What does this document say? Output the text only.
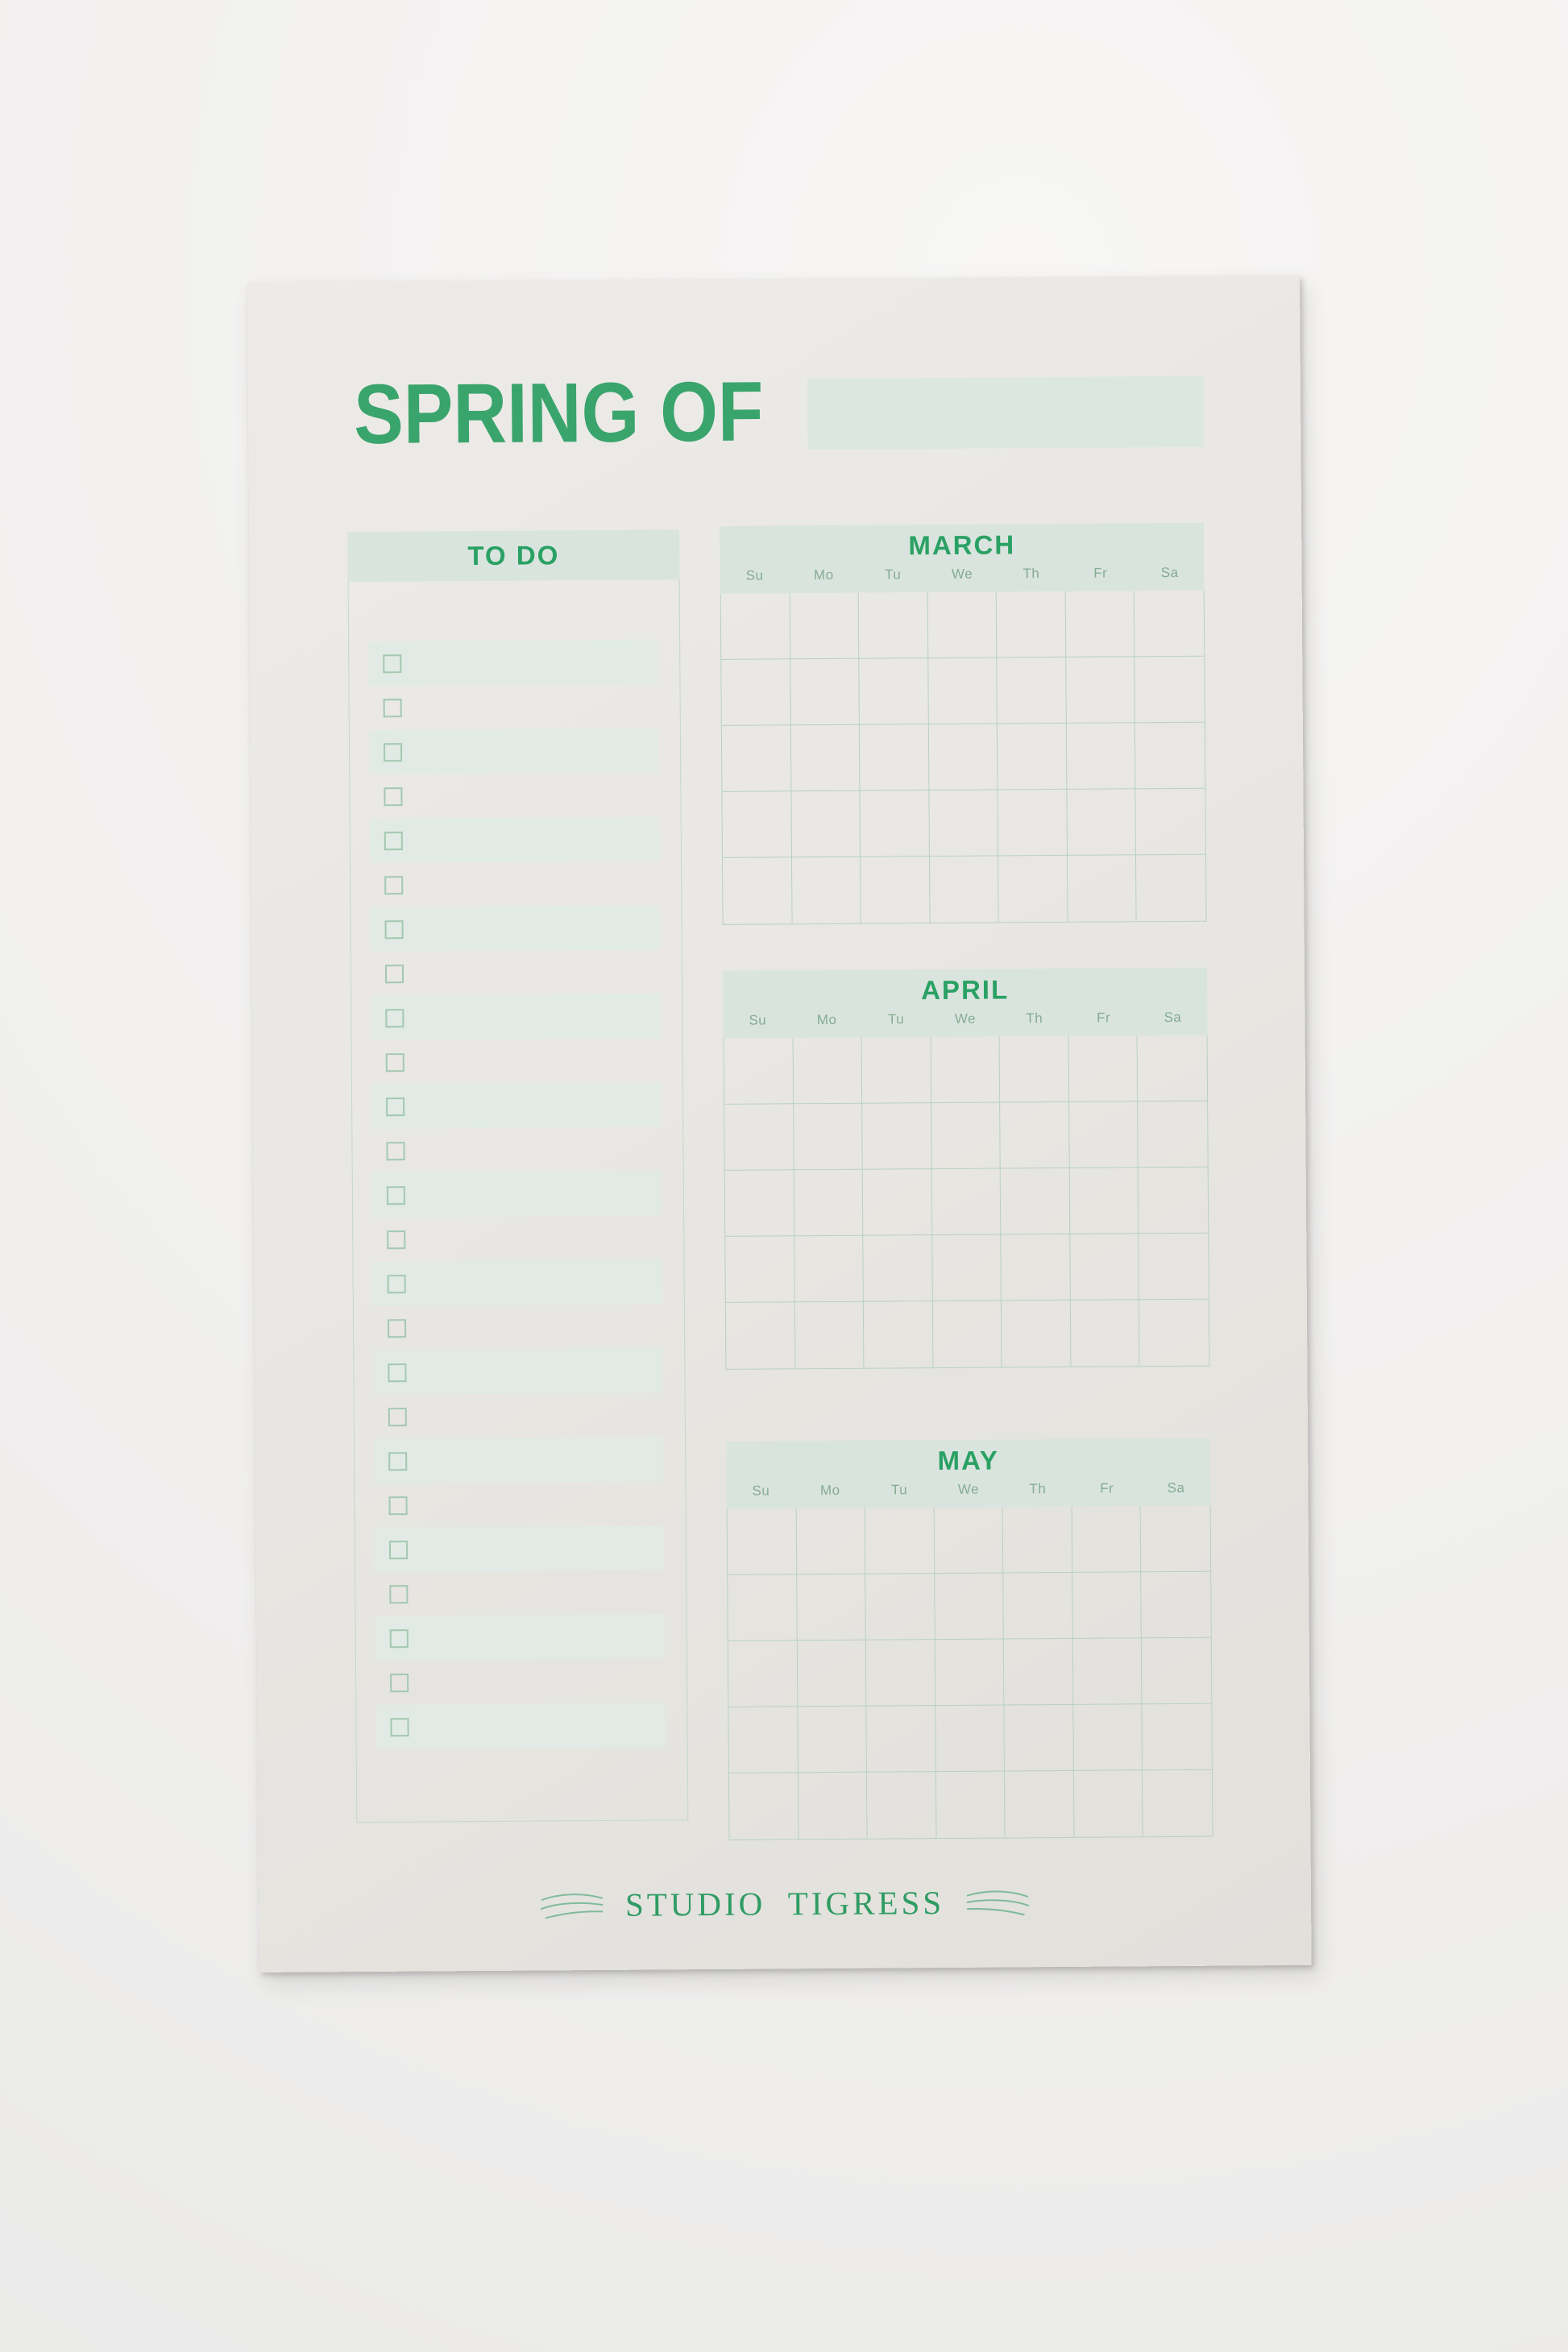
SPRING OF
TO DO	MARCH
Su	Mo	Tu	We	Th	Fr	Sa
APRIL
Su	Mo	Tu	We	Th	Fr	Sa
MAY
Su	Mo	Tu	We	Th	Fr	Sa
STUDIO TIGRESS
